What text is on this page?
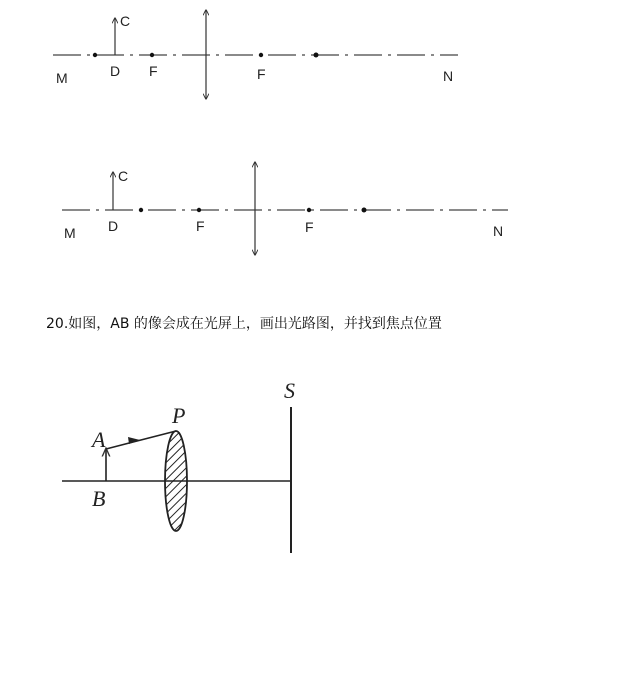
C
M	D F	F	N
C
M D	F	F	N
S
P
A
B
20.如图，AB 的像会成在光屏上，画出光路图，并找到焦点位置
